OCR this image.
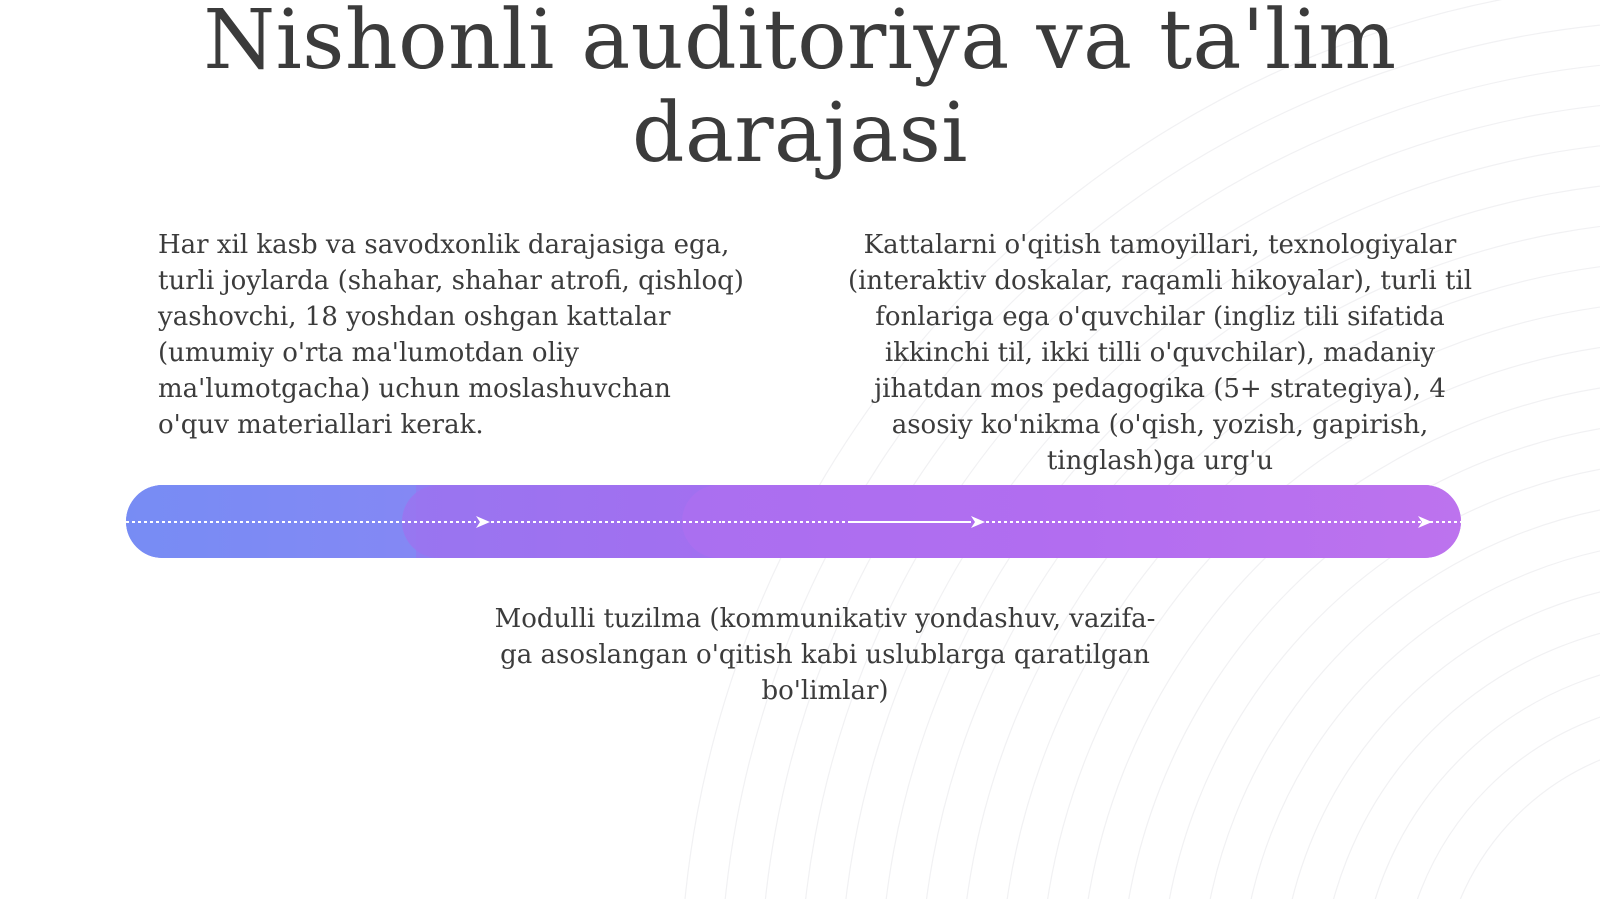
Nishonli auditoriya va ta'lim darajasi
Har xil kasb va savodxonlik darajasiga ega, turli joylarda (shahar, shahar atrofi, qishloq) yashovchi, 18 yoshdan oshgan kattalar (umumiy o'rta ma'lumotdan oliy ma'lumotgacha) uchun moslashuvchan o'quv materiallari kerak.
Kattalarni o'qitish tamoyillari, texnologiyalar (interaktiv doskalar, raqamli hikoyalar), turli til fonlariga ega o'quvchilar (ingliz tili sifatida ikkinchi til, ikki tilli o'quvchilar), madaniy jihatdan mos pedagogika (5+ strategiya), 4 asosiy ko'nikma (o'qish, yozish, gapirish, tinglash)ga urg'u
Modulli tuzilma (kommunikativ yondashuv, vazifa-ga asoslangan o'qitish kabi uslublarga qaratilgan bo'limlar)
